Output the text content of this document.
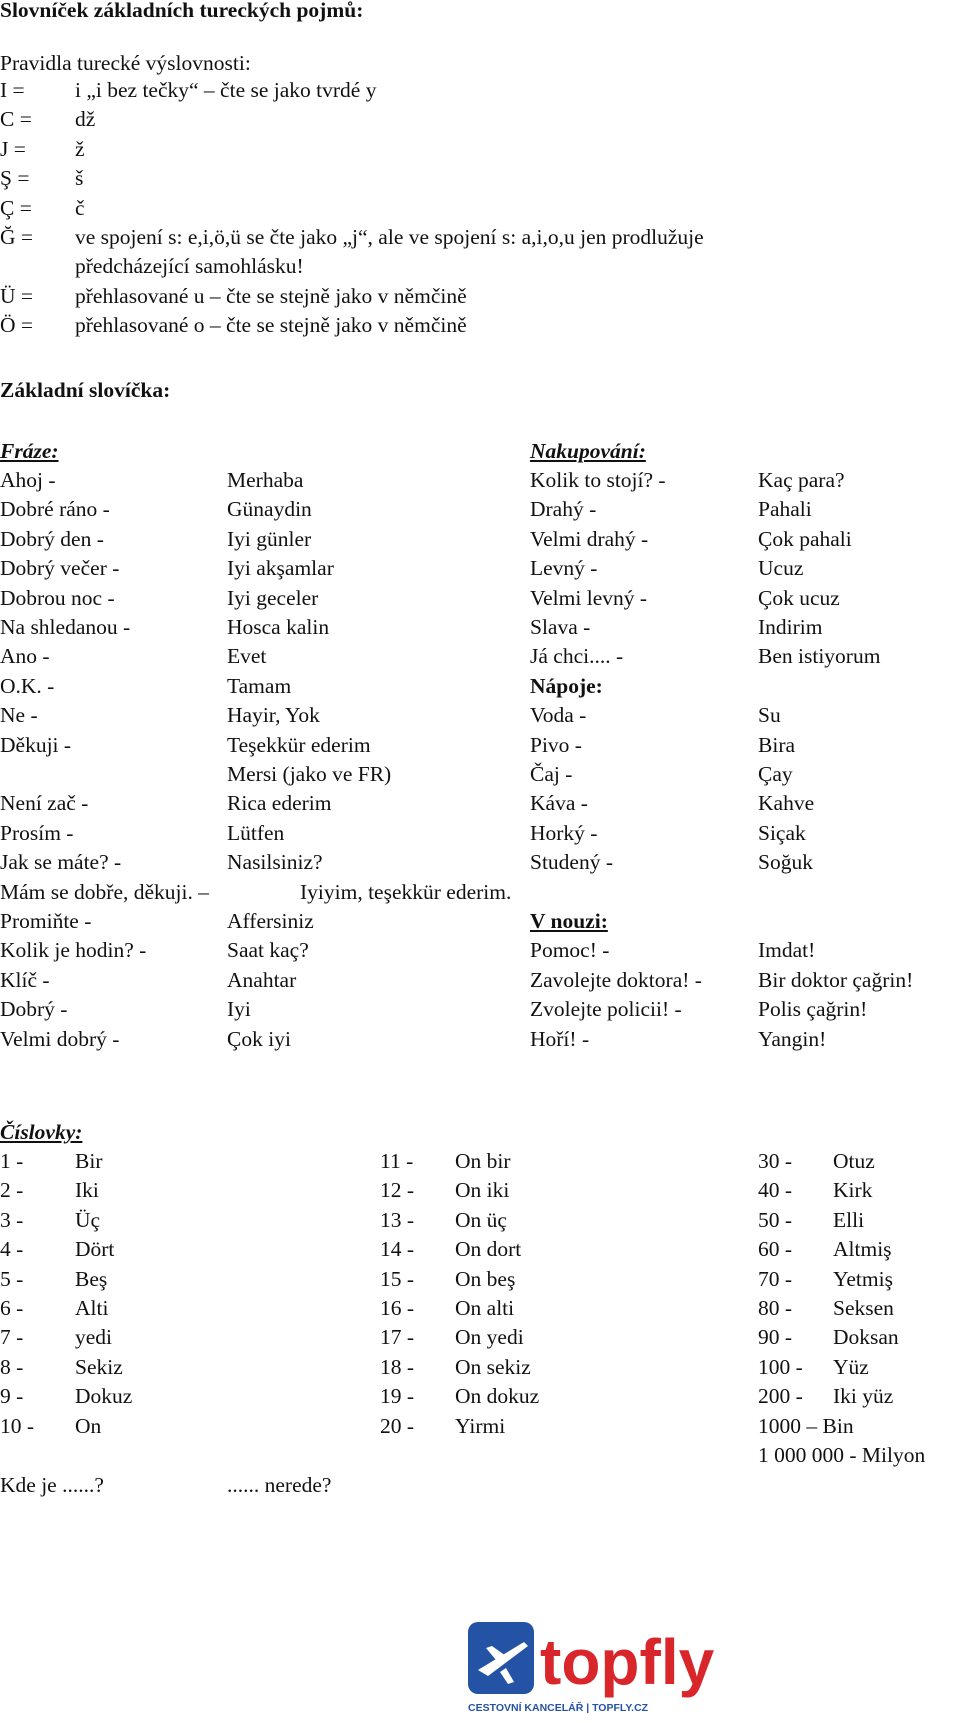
Slovníček základních tureckých pojmů:
Pravidla turecké výslovnosti:
I = i „i bez tečky“ – čte se jako tvrdé y
C = dž
J = ž
Ş = š
Ç = č
Ğ = ve spojení s: e,i,ö,ü se čte jako „j“, ale ve spojení s: a,i,o,u jen prodlužuje
předcházející samohlásku!
Ü = přehlasované u – čte se stejně jako v němčině
Ö = přehlasované o – čte se stejně jako v němčině
Základní slovíčka:
Fráze:
Ahoj -	Merhaba
Dobré ráno -	Günaydin
Dobrý den -	Iyi günler
Dobrý večer -	Iyi akşamlar
Dobrou noc -	Iyi geceler
Na shledanou -	Hosca kalin
Ano -	Evet
O.K. -	Tamam
Ne -	Hayir, Yok
Děkuji -	Teşekkür ederim
Mersi (jako ve FR)
Není zač -	Rica ederim
Prosím -	Lütfen
Jak se máte? -	Nasilsiniz?
Mám se dobře, děkuji. –	Iyiyim, teşekkür ederim.
Promiňte -	Affersiniz
Kolik je hodin? -	Saat kaç?
Klíč -	Anahtar
Dobrý -	Iyi
Velmi dobrý -	Çok iyi
Nakupování:
Kolik to stojí? -	Kaç para?
Drahý -	Pahali
Velmi drahý -	Çok pahali
Levný -	Ucuz
Velmi levný -	Çok ucuz
Slava -	Indirim
Já chci.... -	Ben istiyorum
Nápoje:
Voda -	Su
Pivo -	Bira
Čaj -	Çay
Káva -	Kahve
Horký -	Siçak
Studený -	Soğuk
V nouzi:
Pomoc! -	Imdat!
Zavolejte doktora! -	Bir doktor çağrin!
Zvolejte policii! -	Polis çağrin!
Hoří! -	Yangin!
Číslovky:
1 - Bir
2 - Iki
3 - Üç
4 - Dört
5 - Beş
6 - Alti
7 - yedi
8 - Sekiz
9 - Dokuz
10 - On
11 - On bir
12 - On iki
13 - On üç
14 - On dort
15 - On beş
16 - On alti
17 - On yedi
18 - On sekiz
19 - On dokuz
20 - Yirmi
30 - Otuz
40 - Kirk
50 - Elli
60 - Altmiş
70 - Yetmiş
80 - Seksen
90 - Doksan
100 - Yüz
200 - Iki yüz
1000 – Bin
1 000 000 - Milyon
Kde je ......?	...... nerede?
topfly
CESTOVNÍ KANCELÁŘ | TOPFLY.CZ
